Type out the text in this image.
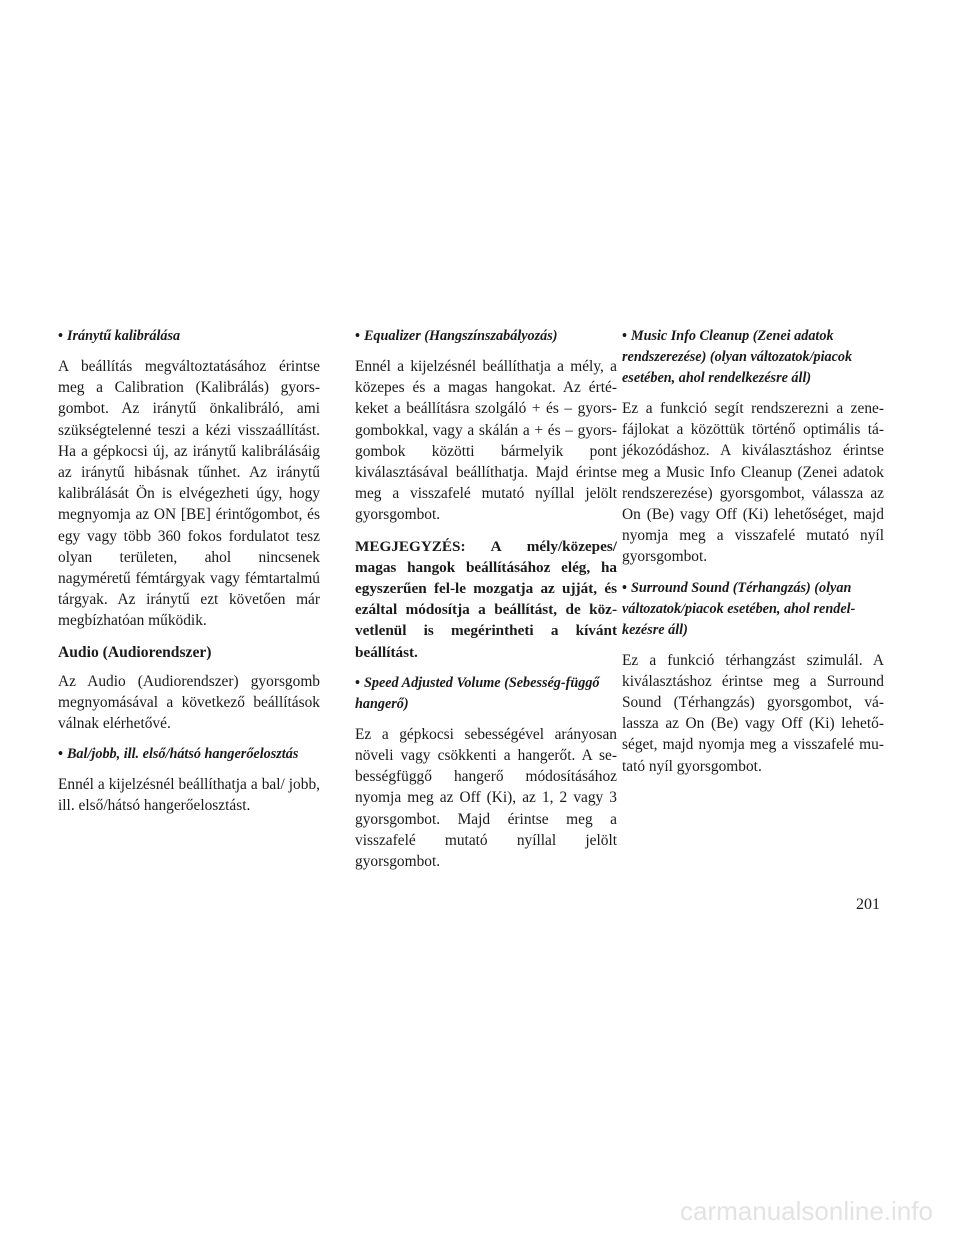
• Iránytű kalibrálása
A beállítás megváltoztatásához érintse meg a Calibration (Kalibrálás) gyorsgombot. Az iránytű önkalibráló, ami szükségtelenné teszi a kézi visszaállítást. Ha a gépkocsi új, az iránytű kalibrálásáig az iránytű hibásnak tűnhet. Az iránytű kalibrálását Ön is elvégezheti úgy, hogy megnyomja az ON [BE] érintőgombot, és egy vagy több 360 fokos fordulatot tesz olyan területen, ahol nincsenek nagyméretű fémtárgyak vagy fémtartalmú tárgyak. Az iránytű ezt követően már megbízhatóan működik.
Audio (Audiorendszer)
Az Audio (Audiorendszer) gyorsgomb megnyomásával a következő beállítások válnak elérhetővé.
• Bal/jobb, ill. első/hátsó hangerőelosztás
Ennél a kijelzésnél beállíthatja a bal/ jobb, ill. első/hátsó hangerőelosztást.
• Equalizer (Hangszínszabályozás)
Ennél a kijelzésnél beállíthatja a mély, a közepes és a magas hangokat. Az értékeket a beállításra szolgáló + és – gyorsgombokkal, vagy a skálán a + és – gyorsgombok közötti bármelyik pont kiválasztásával beállíthatja. Majd érintse meg a visszafelé mutató nyíllal jelölt gyorsgombot.
MEGJEGYZÉS: A mély/közepes/ magas hangok beállításához elég, ha egyszerűen fel-le mozgatja az ujját, és ezáltal módosítja a beállítást, de közvetlenül is megérintheti a kívánt beállítást.
• Speed Adjusted Volume (Sebesség-függő hangerő)
Ez a gépkocsi sebességével arányosan növeli vagy csökkenti a hangerőt. A sebességfüggő hangerő módosításához nyomja meg az Off (Ki), az 1, 2 vagy 3 gyorsgombot. Majd érintse meg a visszafelé mutató nyíllal jelölt gyorsgombot.
• Music Info Cleanup (Zenei adatok rendszerezése) (olyan változatok/piacok esetében, ahol rendelkezésre áll)
Ez a funkció segít rendszerezni a zenefájlokat a közöttük történő optimális tájékozódáshoz. A kiválasztáshoz érintse meg a Music Info Cleanup (Zenei adatok rendszerezése) gyorsgombot, válassza az On (Be) vagy Off (Ki) lehetőséget, majd nyomja meg a visszafelé mutató nyíl gyorsgombot.
• Surround Sound (Térhangzás) (olyan változatok/piacok esetében, ahol rendelkezésre áll)
Ez a funkció térhangzást szimulál. A kiválasztáshoz érintse meg a Surround Sound (Térhangzás) gyorsgombot, válassza az On (Be) vagy Off (Ki) lehetőséget, majd nyomja meg a visszafelé mutató nyíl gyorsgombot.
201
carmanualsonline.info
